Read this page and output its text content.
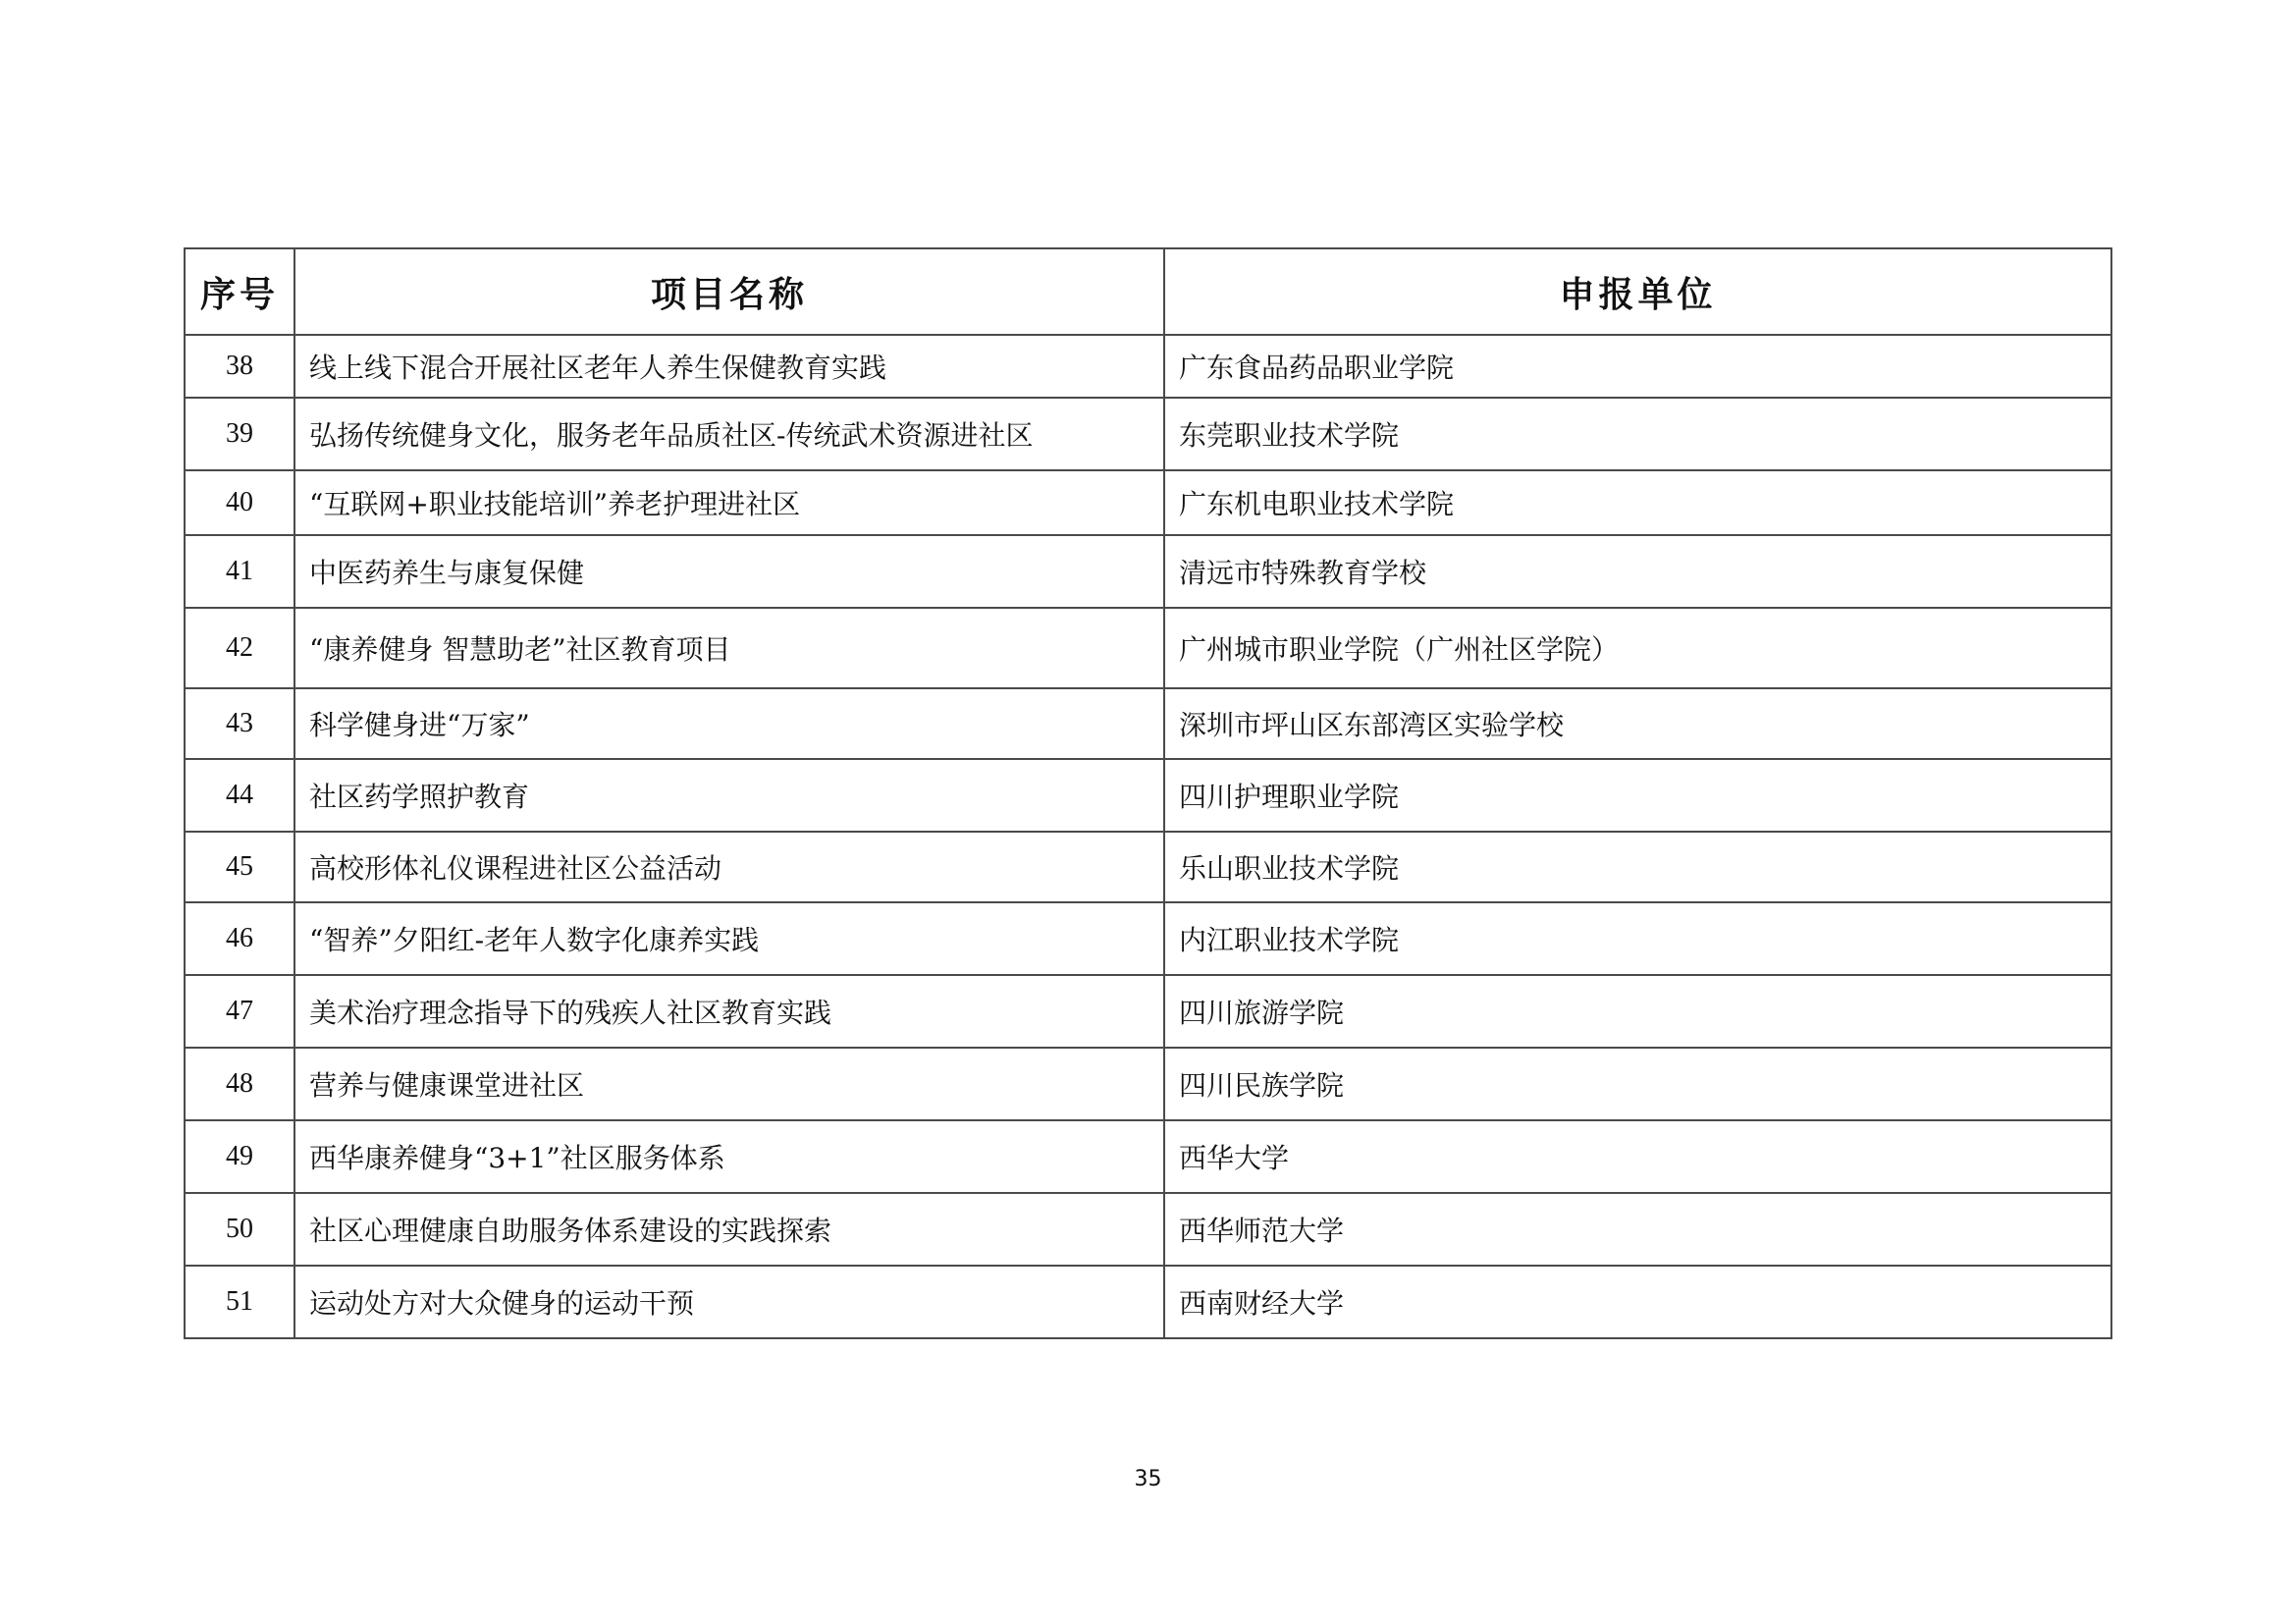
序号	项目名称	申报单位
38	线上线下混合开展社区老年人养生保健教育实践	广东食品药品职业学院
39	弘扬传统健身文化，服务老年品质社区-传统武术资源进社区	东莞职业技术学院
40	“互联网+职业技能培训”养老护理进社区	广东机电职业技术学院
41	中医药养生与康复保健	清远市特殊教育学校
42	“康养健身 智慧助老”社区教育项目	广州城市职业学院（广州社区学院）
43	科学健身进“万家”	深圳市坪山区东部湾区实验学校
44	社区药学照护教育	四川护理职业学院
45	高校形体礼仪课程进社区公益活动	乐山职业技术学院
46	“智养”夕阳红-老年人数字化康养实践	内江职业技术学院
47	美术治疗理念指导下的残疾人社区教育实践	四川旅游学院
48	营养与健康课堂进社区	四川民族学院
49	西华康养健身“3+1”社区服务体系	西华大学
50	社区心理健康自助服务体系建设的实践探索	西华师范大学
51	运动处方对大众健身的运动干预	西南财经大学
35
